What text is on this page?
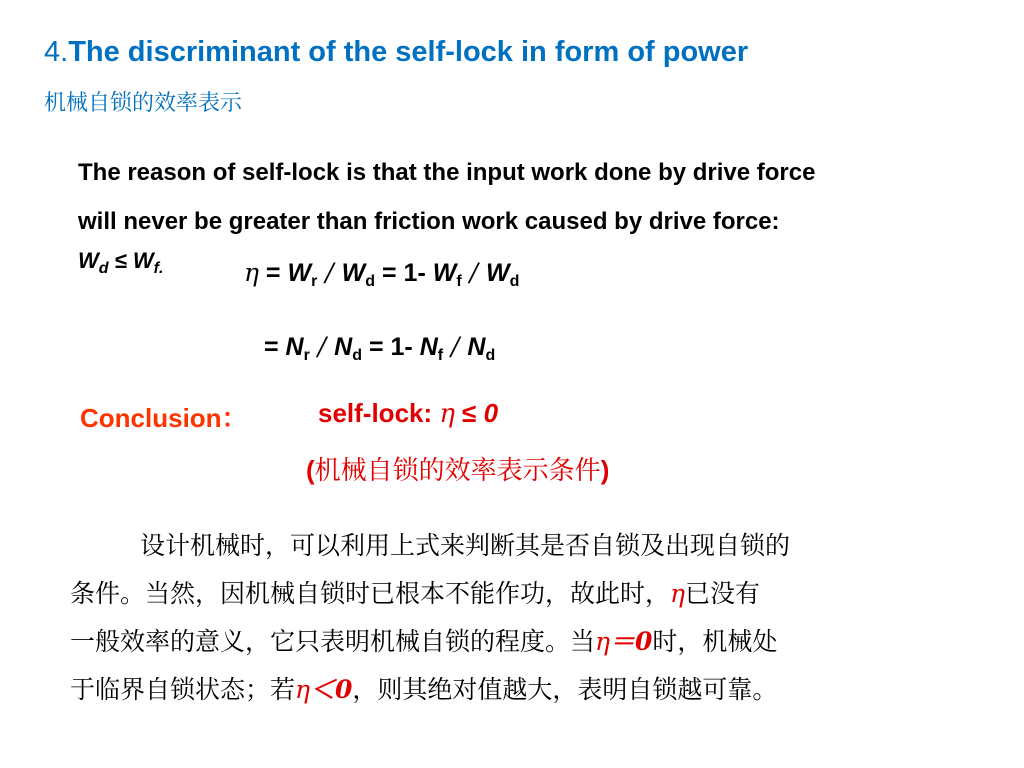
4.The discriminant of the self-lock in form of power
机械自锁的效率表示

The reason of self-lock is that the input work done by drive force

will never be greater than friction work caused by drive force:

$W_d \le W_{f.}$	$\eta = W_r / W_d = 1-$ $W_f / W_d$
= $N_r / N_d = 1-$ $N_f / N_d$
Conclusion：	self-lock: η ≤ 0
(机械自锁的效率表示条件)

设计机械时，可以利用上式来判断其是否自锁及出现自锁的

条件。当然，因机械自锁时已根本不能作功，故此时，η已没有

一般效率的意义，它只表明机械自锁的程度。当η＝0时，机械处

于临界自锁状态；若η＜0，则其绝对值越大，表明自锁越可靠。
